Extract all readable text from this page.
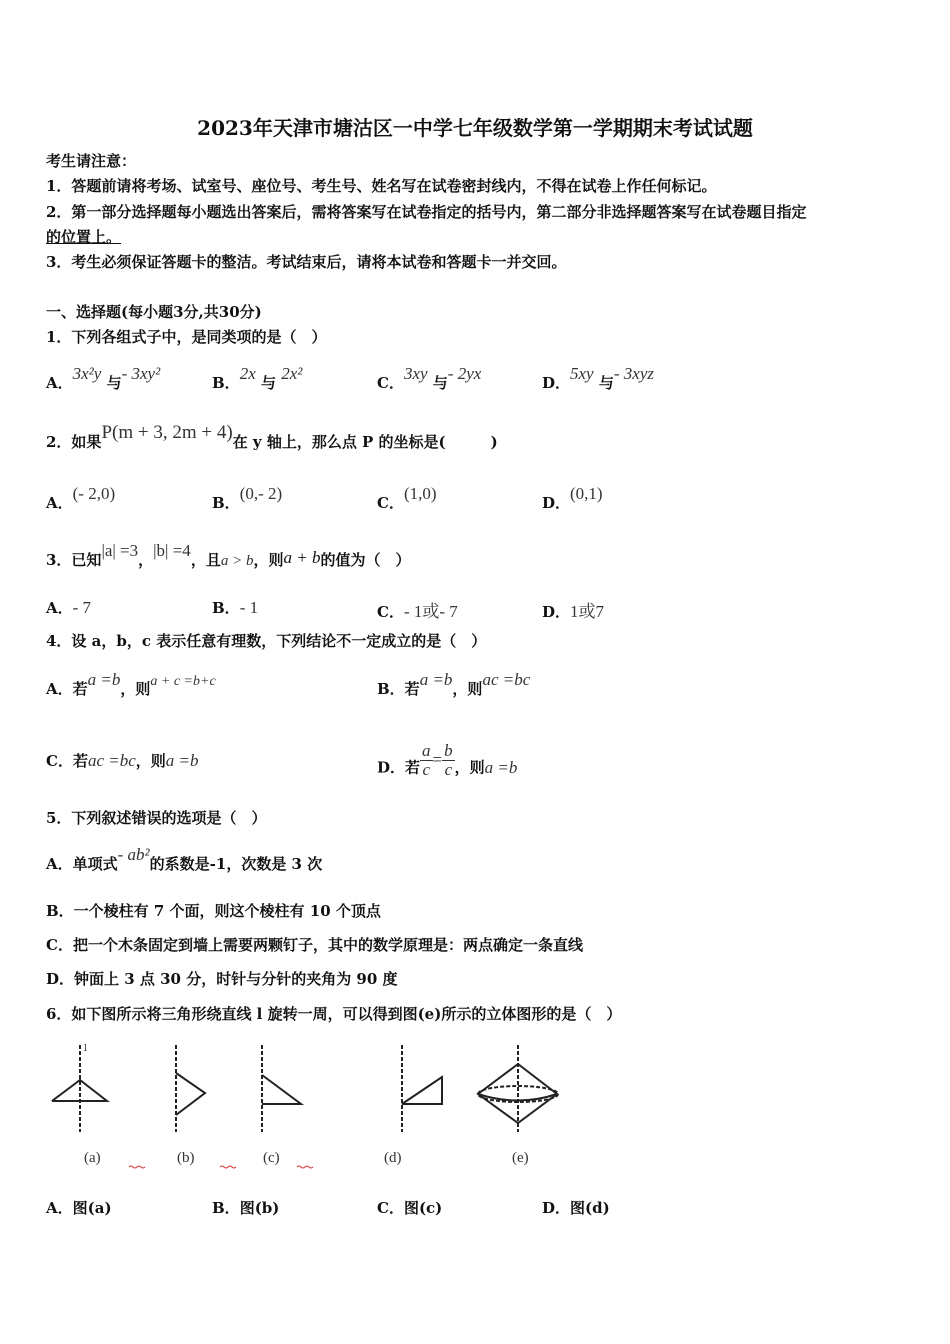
2023年天津市塘沽区一中学七年级数学第一学期期末考试试题
考生请注意：
1．答题前请将考场、试室号、座位号、考生号、姓名写在试卷密封线内，不得在试卷上作任何标记。
2．第一部分选择题每小题选出答案后，需将答案写在试卷指定的括号内，第二部分非选择题答案写在试卷题目指定
的位置上。
3．考生必须保证答题卡的整洁。考试结束后，请将本试卷和答题卡一并交回。
一、选择题(每小题3分,共30分)
1．下列各组式子中，是同类项的是（　）
A．3x²y 与- 3xy²	B．2x 与 2x²	C．3xy 与- 2yx	D．5xy 与- 3xyz
2．如果P(m + 3, 2m + 4)在 y 轴上，那么点 P 的坐标是(　　　)
A．(- 2,0)	B．(0,- 2)	C．(1,0)	D．(0,1)
3．已知|a| =3，|b| =4，且a > b，则a + b的值为（　）
A．- 7	B．- 1	C．- 1或- 7	D．1或7
4．设 a，b，c 表示任意有理数，下列结论不一定成立的是（　）
A．若a =b，则a + c =b+c	B．若a =b，则ac =bc
C．若ac =bc，则a =b	D．若 $\frac{a}{c} = \frac{b}{c}$ ，则a =b
5．下列叙述错误的选项是（　）
A．单项式- ab²的系数是-1，次数是 3 次
B．一个棱柱有 7 个面，则这个棱柱有 10 个顶点
C．把一个木条固定到墙上需要两颗钉子，其中的数学原理是：两点确定一条直线
D．钟面上 3 点 30 分，时针与分针的夹角为 90 度
6．如下图所示将三角形绕直线 l 旋转一周，可以得到图(e)所示的立体图形的是（　）
l
(a)	(b)	(c)	(d)	(e)
A．图(a)	B．图(b)	C．图(c)	D．图(d)
